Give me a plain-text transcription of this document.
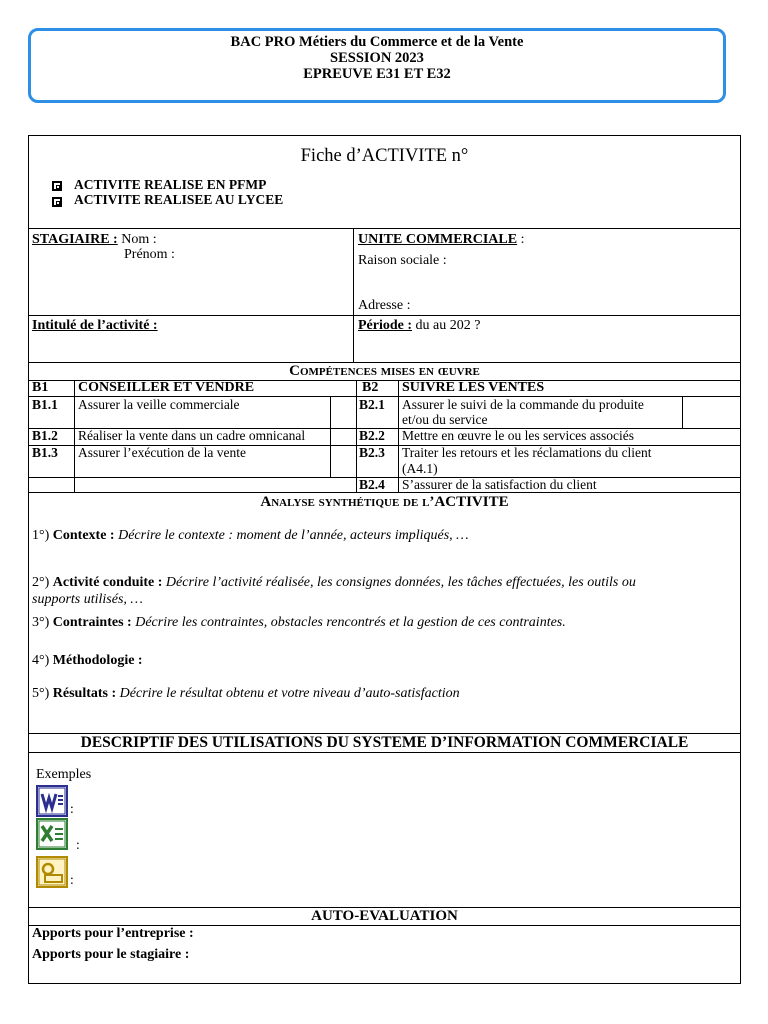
BAC PRO Métiers du Commerce et de la Vente
SESSION 2023
EPREUVE E31 ET E32
Fiche d’ACTIVITE n°
ACTIVITE REALISE EN PFMP
ACTIVITE REALISEE AU LYCEE
STAGIAIRE : Nom :
Prénom :
UNITE COMMERCIALE :
Raison sociale :
Adresse :
Intitulé de l’activité :	Période : du au 202 ?
Compétences mises en œuvre
B1 CONSEILLER ET VENDRE	B2 SUIVRE LES VENTES
B1.1 Assurer la veille commerciale
B1.2 Réaliser la vente dans un cadre omnicanal
B1.3 Assurer l’exécution de la vente
B2.1 Assurer le suivi de la commande du produite
et/ou du service
B2.2 Mettre en œuvre le ou les services associés
B2.3 Traiter les retours et les réclamations du client
(A4.1)
B2.4 S’assurer de la satisfaction du client
Analyse synthétique de l’ACTIVITE
1°) Contexte : Décrire le contexte : moment de l’année, acteurs impliqués, …
2°) Activité conduite : Décrire l’activité réalisée, les consignes données, les tâches effectuées, les outils ou
supports utilisés, …
3°) Contraintes : Décrire les contraintes, obstacles rencontrés et la gestion de ces contraintes.
4°) Méthodologie :
5°) Résultats : Décrire le résultat obtenu et votre niveau d’auto-satisfaction
DESCRIPTIF DES UTILISATIONS DU SYSTEME D’INFORMATION COMMERCIALE
Exemples
:
:
:
AUTO-EVALUATION
Apports pour l’entreprise :
Apports pour le stagiaire :
